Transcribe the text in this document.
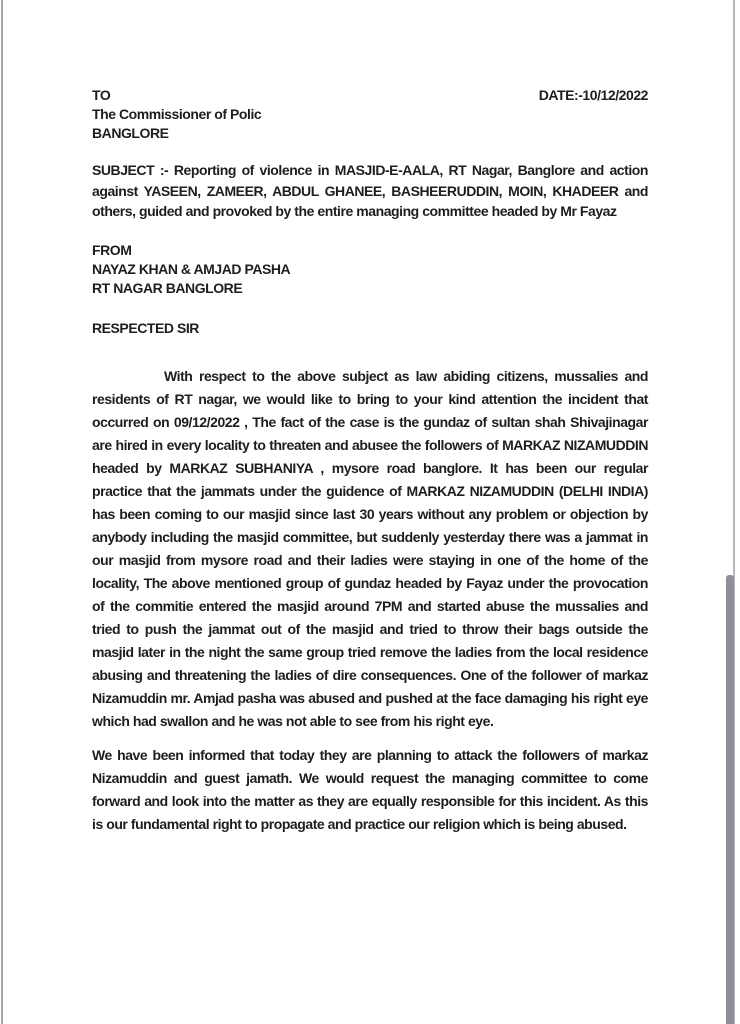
TO	DATE:-10/12/2022
The Commissioner of Polic
BANGLORE

SUBJECT :- Reporting of violence in MASJID-E-AALA, RT Nagar, Banglore and action against YASEEN, ZAMEER, ABDUL GHANEE, BASHEERUDDIN, MOIN, KHADEER and others, guided and provoked by the entire managing committee headed by Mr Fayaz

FROM
NAYAZ KHAN & AMJAD PASHA
RT NAGAR BANGLORE
RESPECTED SIR

With respect to the above subject as law abiding citizens, mussalies and residents of RT nagar, we would like to bring to your kind attention the incident that occurred on 09/12/2022 , The fact of the case is the gundaz of sultan shah Shivajinagar are hired in every locality to threaten and abusee the followers of MARKAZ NIZAMUDDIN headed by MARKAZ SUBHANIYA , mysore road banglore. It has been our regular practice that the jammats under the guidence of MARKAZ NIZAMUDDIN (DELHI INDIA) has been coming to our masjid since last 30 years without any problem or objection by anybody including the masjid committee, but suddenly yesterday there was a jammat in our masjid from mysore road and their ladies were staying in one of the home of the locality, The above mentioned group of gundaz headed by Fayaz under the provocation of the commitie entered the masjid around 7PM and started abuse the mussalies and tried to push the jammat out of the masjid and tried to throw their bags outside the masjid later in the night the same group tried remove the ladies from the local residence abusing and threatening the ladies of dire consequences. One of the follower of markaz Nizamuddin mr. Amjad pasha was abused and pushed at the face damaging his right eye which had swallon and he was not able to see from his right eye.

We have been informed that today they are planning to attack the followers of markaz Nizamuddin and guest jamath. We would request the managing committee to come forward and look into the matter as they are equally responsible for this incident. As this is our fundamental right to propagate and practice our religion which is being abused.
